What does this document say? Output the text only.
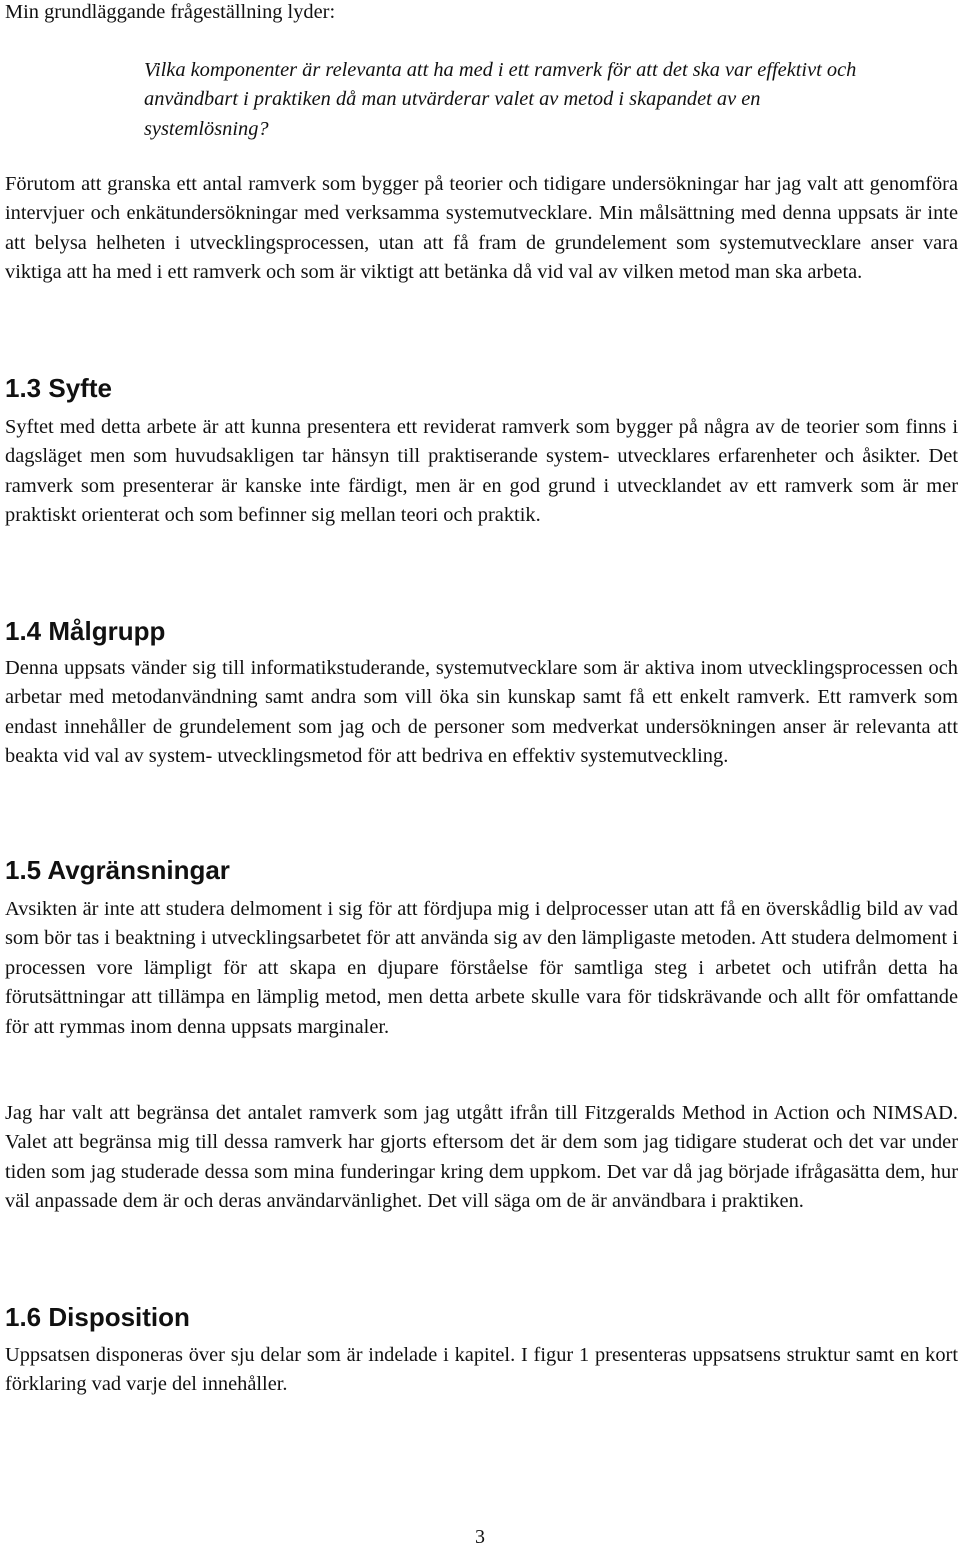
Min grundläggande frågeställning lyder:

Vilka komponenter är relevanta att ha med i ett ramverk för att det ska var effektivt och användbart i praktiken då man utvärderar valet av metod i skapandet av en systemlösning?

Förutom att granska ett antal ramverk som bygger på teorier och tidigare undersökningar har jag valt att genomföra intervjuer och enkätundersökningar med verksamma systemutvecklare. Min målsättning med denna uppsats är inte att belysa helheten i utvecklingsprocessen, utan att få fram de grundelement som systemutvecklare anser vara viktiga att ha med i ett ramverk och som är viktigt att betänka då vid val av vilken metod man ska arbeta.

1.3 Syfte

Syftet med detta arbete är att kunna presentera ett reviderat ramverk som bygger på några av de teorier som finns i dagsläget men som huvudsakligen tar hänsyn till praktiserande system- utvecklares erfarenheter och åsikter. Det ramverk som presenterar är kanske inte färdigt, men är en god grund i utvecklandet av ett ramverk som är mer praktiskt orienterat och som befinner sig mellan teori och praktik.

1.4 Målgrupp

Denna uppsats vänder sig till informatikstuderande, systemutvecklare som är aktiva inom utvecklingsprocessen och arbetar med metodanvändning samt andra som vill öka sin kunskap samt få ett enkelt ramverk. Ett ramverk som endast innehåller de grundelement som jag och de personer som medverkat undersökningen anser är relevanta att beakta vid val av system- utvecklingsmetod för att bedriva en effektiv systemutveckling.

1.5 Avgränsningar

Avsikten är inte att studera delmoment i sig för att fördjupa mig i delprocesser utan att få en överskådlig bild av vad som bör tas i beaktning i utvecklingsarbetet för att använda sig av den lämpligaste metoden. Att studera delmoment i processen vore lämpligt för att skapa en djupare förståelse för samtliga steg i arbetet och utifrån detta ha förutsättningar att tillämpa en lämplig metod, men detta arbete skulle vara för tidskrävande och allt för omfattande för att rymmas inom denna uppsats marginaler.

Jag har valt att begränsa det antalet ramverk som jag utgått ifrån till Fitzgeralds Method in Action och NIMSAD. Valet att begränsa mig till dessa ramverk har gjorts eftersom det är dem som jag tidigare studerat och det var under tiden som jag studerade dessa som mina funderingar kring dem uppkom. Det var då jag började ifrågasätta dem, hur väl anpassade dem är och deras användarvänlighet. Det vill säga om de är användbara i praktiken.

1.6 Disposition

Uppsatsen disponeras över sju delar som är indelade i kapitel. I figur 1 presenteras uppsatsens struktur samt en kort förklaring vad varje del innehåller.

3
